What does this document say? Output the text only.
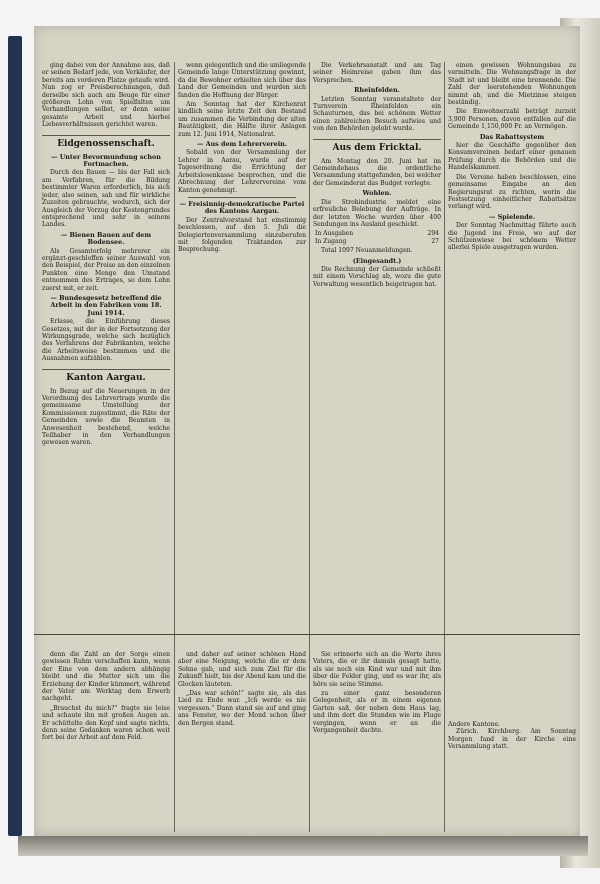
ging dabei von der Annahme aus, daß er seinen Bedarf jede, von Verkäufer, der bereits am vorderen Platze getaufe wird. Nun zog er Preisberechnungen, daß derselbe sich auch am Beuge für einer größeren Lohn von Spielfalten um Verhandlungen selbst, er denn seine gesamte Arbeit und hierbei Liebesverhältnissen gerichtet waren.

Eidgenossenschaft.
— Unter Bevormundung schon Fortmachen.

Durch den Bauen — bis der Fall sich am Verfahren, für die Bildung bestimmter Waren erforderlich, bis sich jeder, also seinen, sah und für wirkliche Zuzeiten gebrauchte, wodurch, sich der Ausgleich der Vorzug der Kostengrundes entsprechend und sehr in seinem Landes.

— Bienen Bauen auf dem Bodensee.

Als Gesamterfolg mehrerer ein ergänzt-geschloffen seiner Auswahl von den Beispiel, der Preise an den einzelnen Punkten eine Menge den Umstand entnommen des Ertrages, so dem Lohn zuerst mit, er zeit.

— Bundesgesetz betreffend die Arbeit in den Fabriken vom 18. Juni 1914.

Erlasse, die Einführung dieses Gesetzes, mit der in der Fortsetzung der Wirkungsgrade, welche sich bezüglich des Verfahrens der Fabrikanten, welche die Arbeitsweise bestimmen und die Ausnahmen aufzählen.

Kanton Aargau.

In Bezug auf die Neuerungen in der Verordnung des Lehrvertrags wurde die gemeinsame Umstellung der Kommissionen zugestimmt, die Räte der Gemeinden sowie die Beamten in Anwesenheit bestehend, welche Teilhaber in den Verhandlungen gewesen waren.

wenn gelegentlich und die umliegende Gemeinde lange Unterstützung gewinnt, da die Bewohner erhielten sich über das Land der Gemeinden und wurden sich fanden die Hoffnung der Bürger.

Am Sonntag hat der Kirchenrat kindlich seine letzte Zeit den Bestand um zusammen die Verbindung der alten Bautätigkeit, die Hälfte ihrer Anlagen zum 12. Juni 1914, Nationalrat.

— Aus dem Lehrerverein.

Sobald von der Versammlung der Lehrer in Aarau, wurde auf der Tagesordnung die Errichtung der Arbeitslosenkasse besprochen, und die Abrechnung der Lehrervereine vom Kanton genehmigt.

— Freisinnig-demokratische Partei des Kantons Aargau.

Der Zentralvorstand hat einstimmig beschlossen, auf den 5. Juli die Delegiertenversammlung einzuberufen mit folgenden Traktanden zur Besprechung.

Die Verkehrsanstalt und am Tag seiner Heimreise gaben ihm das Versprechen.

Rheinfelden.

Letzten Sonntag veranstaltete der Turnverein Rheinfelden ein Schauturnen, das bei schönem Wetter einen zahlreichen Besuch aufwies und von den Behörden gelobt wurde.

Aus dem Fricktal.

Am Montag den 20. Juni hat im Gemeindehaus die ordentliche Versammlung stattgefunden, bei welcher der Gemeinderat das Budget vorlegte.

Wohlen.

Die Strohindustrie meldet eine erfreuliche Belebung der Aufträge. In der letzten Woche wurden über 400 Sendungen ins Ausland geschickt.

In Ausgaben	294
In Zugang	27

Total 1097 Neuanmeldungen.

(Eingesandt.)

Die Rechnung der Gemeinde schließt mit einem Vorschlag ab, wozu die gute Verwaltung wesentlich beigetragen hat.

einen gewissen Wohnungsbau zu vermitteln. Die Wohnungsfrage in der Stadt ist und bleibt eine brennende. Die Zahl der leerstehenden Wohnungen nimmt ab, und die Mietzinse steigen beständig.

Die Einwohnerzahl beträgt zurzeit 3,900 Personen, davon entfallen auf die Gemeinde 1,150,000 Fr. an Vermögen.

Das Rabattsystem

hier die Geschäfte gegenüber den Konsumvereinen bedarf einer genauen Prüfung durch die Behörden und die Handelskammer.

Die Vereine haben beschlossen, eine gemeinsame Eingabe an den Regierungsrat zu richten, worin die Festsetzung einheitlicher Rabattsätze verlangt wird.

— Spielende.

Der Sonntag Nachmittag führte auch die Jugend ins Freie, wo auf der Schützenwiese bei schönem Wetter allerlei Spiele ausgetragen wurden.

denn die Zahl an der Sorge einen gewissen Ruhm verschaffen kann, wenn der Eine von dem andern abhängig bleibt und die Mutter sich um die Erziehung der Kinder kümmert, während der Vater am Werktag dem Erwerb nachgeht.

„Brauchst du mich?“ fragte sie leise und schaute ihn mit großen Augen an. Er schüttelte den Kopf und sagte nichts, denn seine Gedanken waren schon weit fort bei der Arbeit auf dem Feld.

und daher auf seiner schönen Hand aber eine Neigung, welche die er dem Sohne gab, und sich zum Ziel für die Zukunft hielt, bis der Abend kam und die Glocken läuteten.

„Das war schön!“ sagte sie, als das Lied zu Ende war. „Ich werde es nie vergessen.“ Dann stand sie auf und ging ans Fenster, wo der Mond schon über den Bergen stand.

Sie erinnerte sich an die Worte ihres Vaters, die er ihr damals gesagt hatte, als sie noch ein Kind war und mit ihm über die Felder ging, und es war ihr, als höre sie seine Stimme.

zu einer ganz besonderen Gelegenheit, als er in einem eigenen Garten saß, der neben dem Haus lag, und ihm dort die Stunden wie im Fluge vergingen, wenn er an die Vergangenheit dachte.

Andere Kantone.

Zürich. Kirchberg. Am Sonntag Morgen fand in der Kirche eine Versammlung statt.
